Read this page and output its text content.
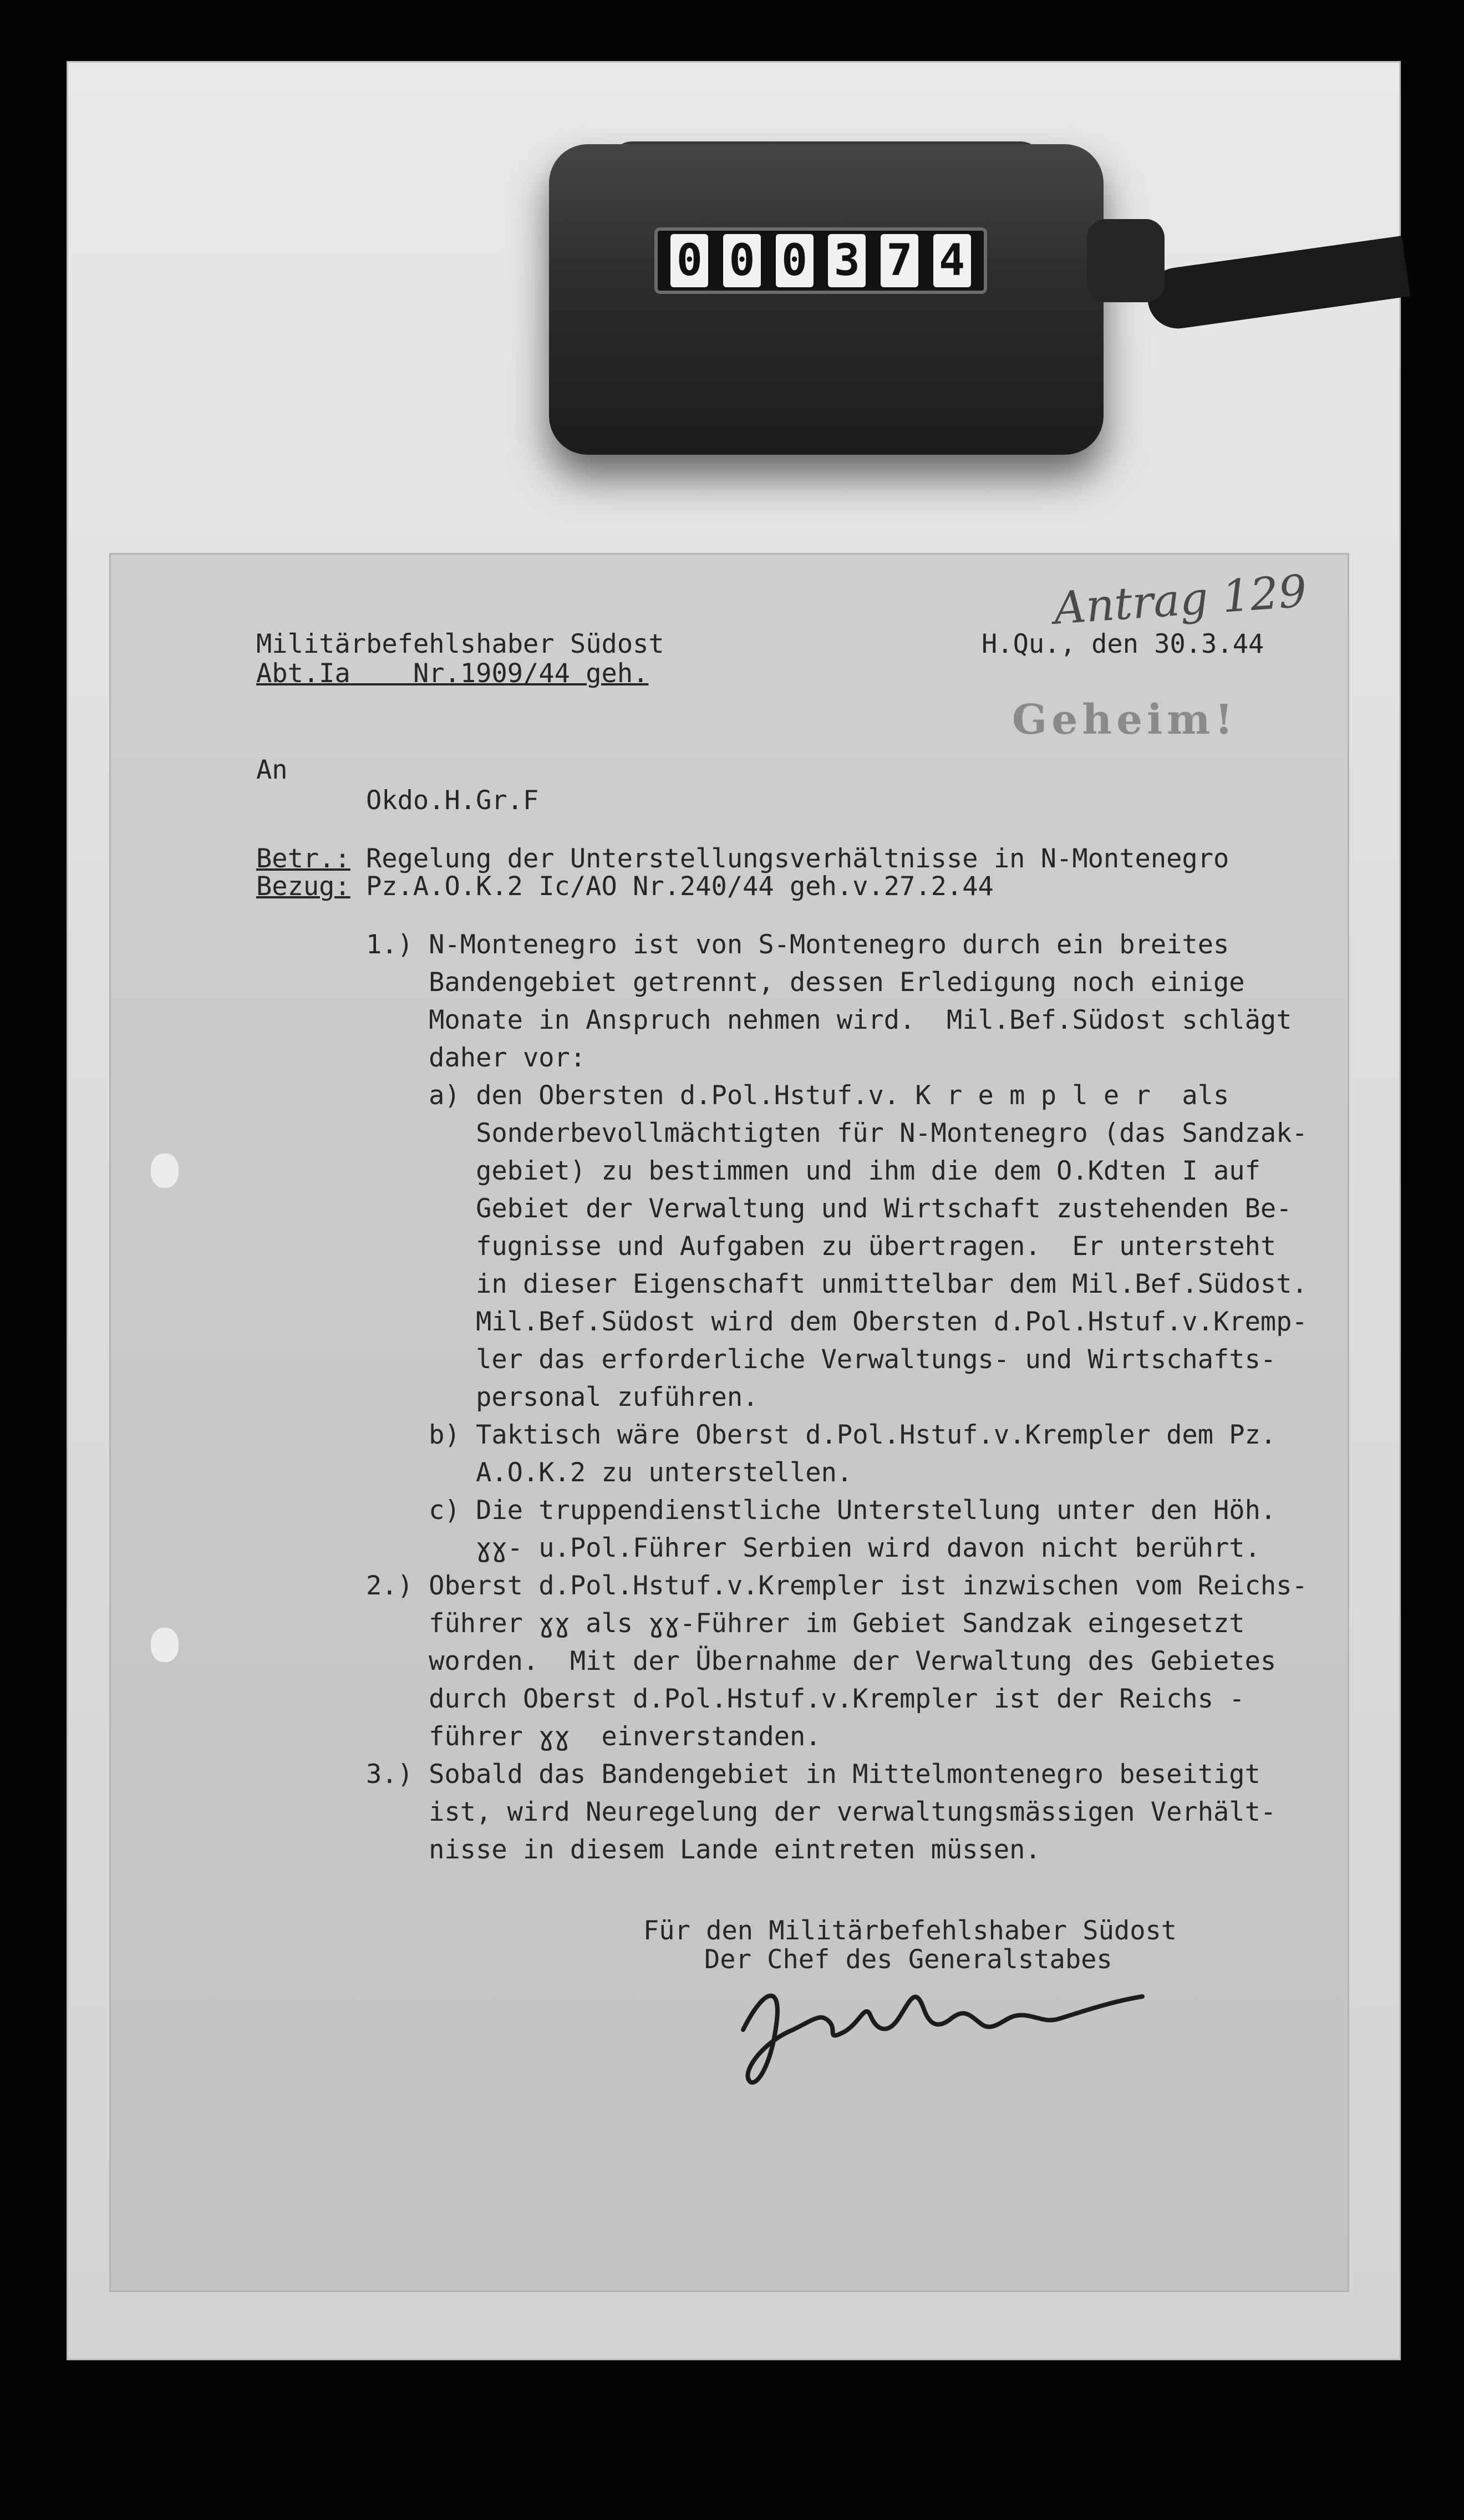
0 0 0 3 7 4
Antrag 129
Militärbefehlshaber Südost
Abt.Ia Nr.1909/44 geh.
H.Qu., den 30.3.44
Geheim!
An
Okdo.H.Gr.F
Betr.: Regelung der Unterstellungsverhältnisse in N-Montenegro
Bezug: Pz.A.O.K.2 Ic/AO Nr.240/44 geh.v.27.2.44
1.) N-Montenegro ist von S-Montenegro durch ein breites
Bandengebiet getrennt, dessen Erledigung noch einige
Monate in Anspruch nehmen wird.  Mil.Bef.Südost schlägt
daher vor:
a) den Obersten d.Pol.Hstuf.v. K r e m p l e r  als
Sonderbevollmächtigten für N-Montenegro (das Sandzak-
gebiet) zu bestimmen und ihm die dem O.Kdten I auf
Gebiet der Verwaltung und Wirtschaft zustehenden Be-
fugnisse und Aufgaben zu übertragen.  Er untersteht
in dieser Eigenschaft unmittelbar dem Mil.Bef.Südost.
Mil.Bef.Südost wird dem Obersten d.Pol.Hstuf.v.Kremp-
ler das erforderliche Verwaltungs- und Wirtschafts-
personal zuführen.
b) Taktisch wäre Oberst d.Pol.Hstuf.v.Krempler dem Pz.
A.O.K.2 zu unterstellen.
c) Die truppendienstliche Unterstellung unter den Höh.
ɣɣ- u.Pol.Führer Serbien wird davon nicht berührt.
2.) Oberst d.Pol.Hstuf.v.Krempler ist inzwischen vom Reichs-
führer ɣɣ als ɣɣ-Führer im Gebiet Sandzak eingesetzt
worden.  Mit der Übernahme der Verwaltung des Gebietes
durch Oberst d.Pol.Hstuf.v.Krempler ist der Reichs -
führer ɣɣ  einverstanden.
3.) Sobald das Bandengebiet in Mittelmontenegro beseitigt
ist, wird Neuregelung der verwaltungsmässigen Verhält-
nisse in diesem Lande eintreten müssen.
Für den Militärbefehlshaber Südost
Der Chef des Generalstabes
